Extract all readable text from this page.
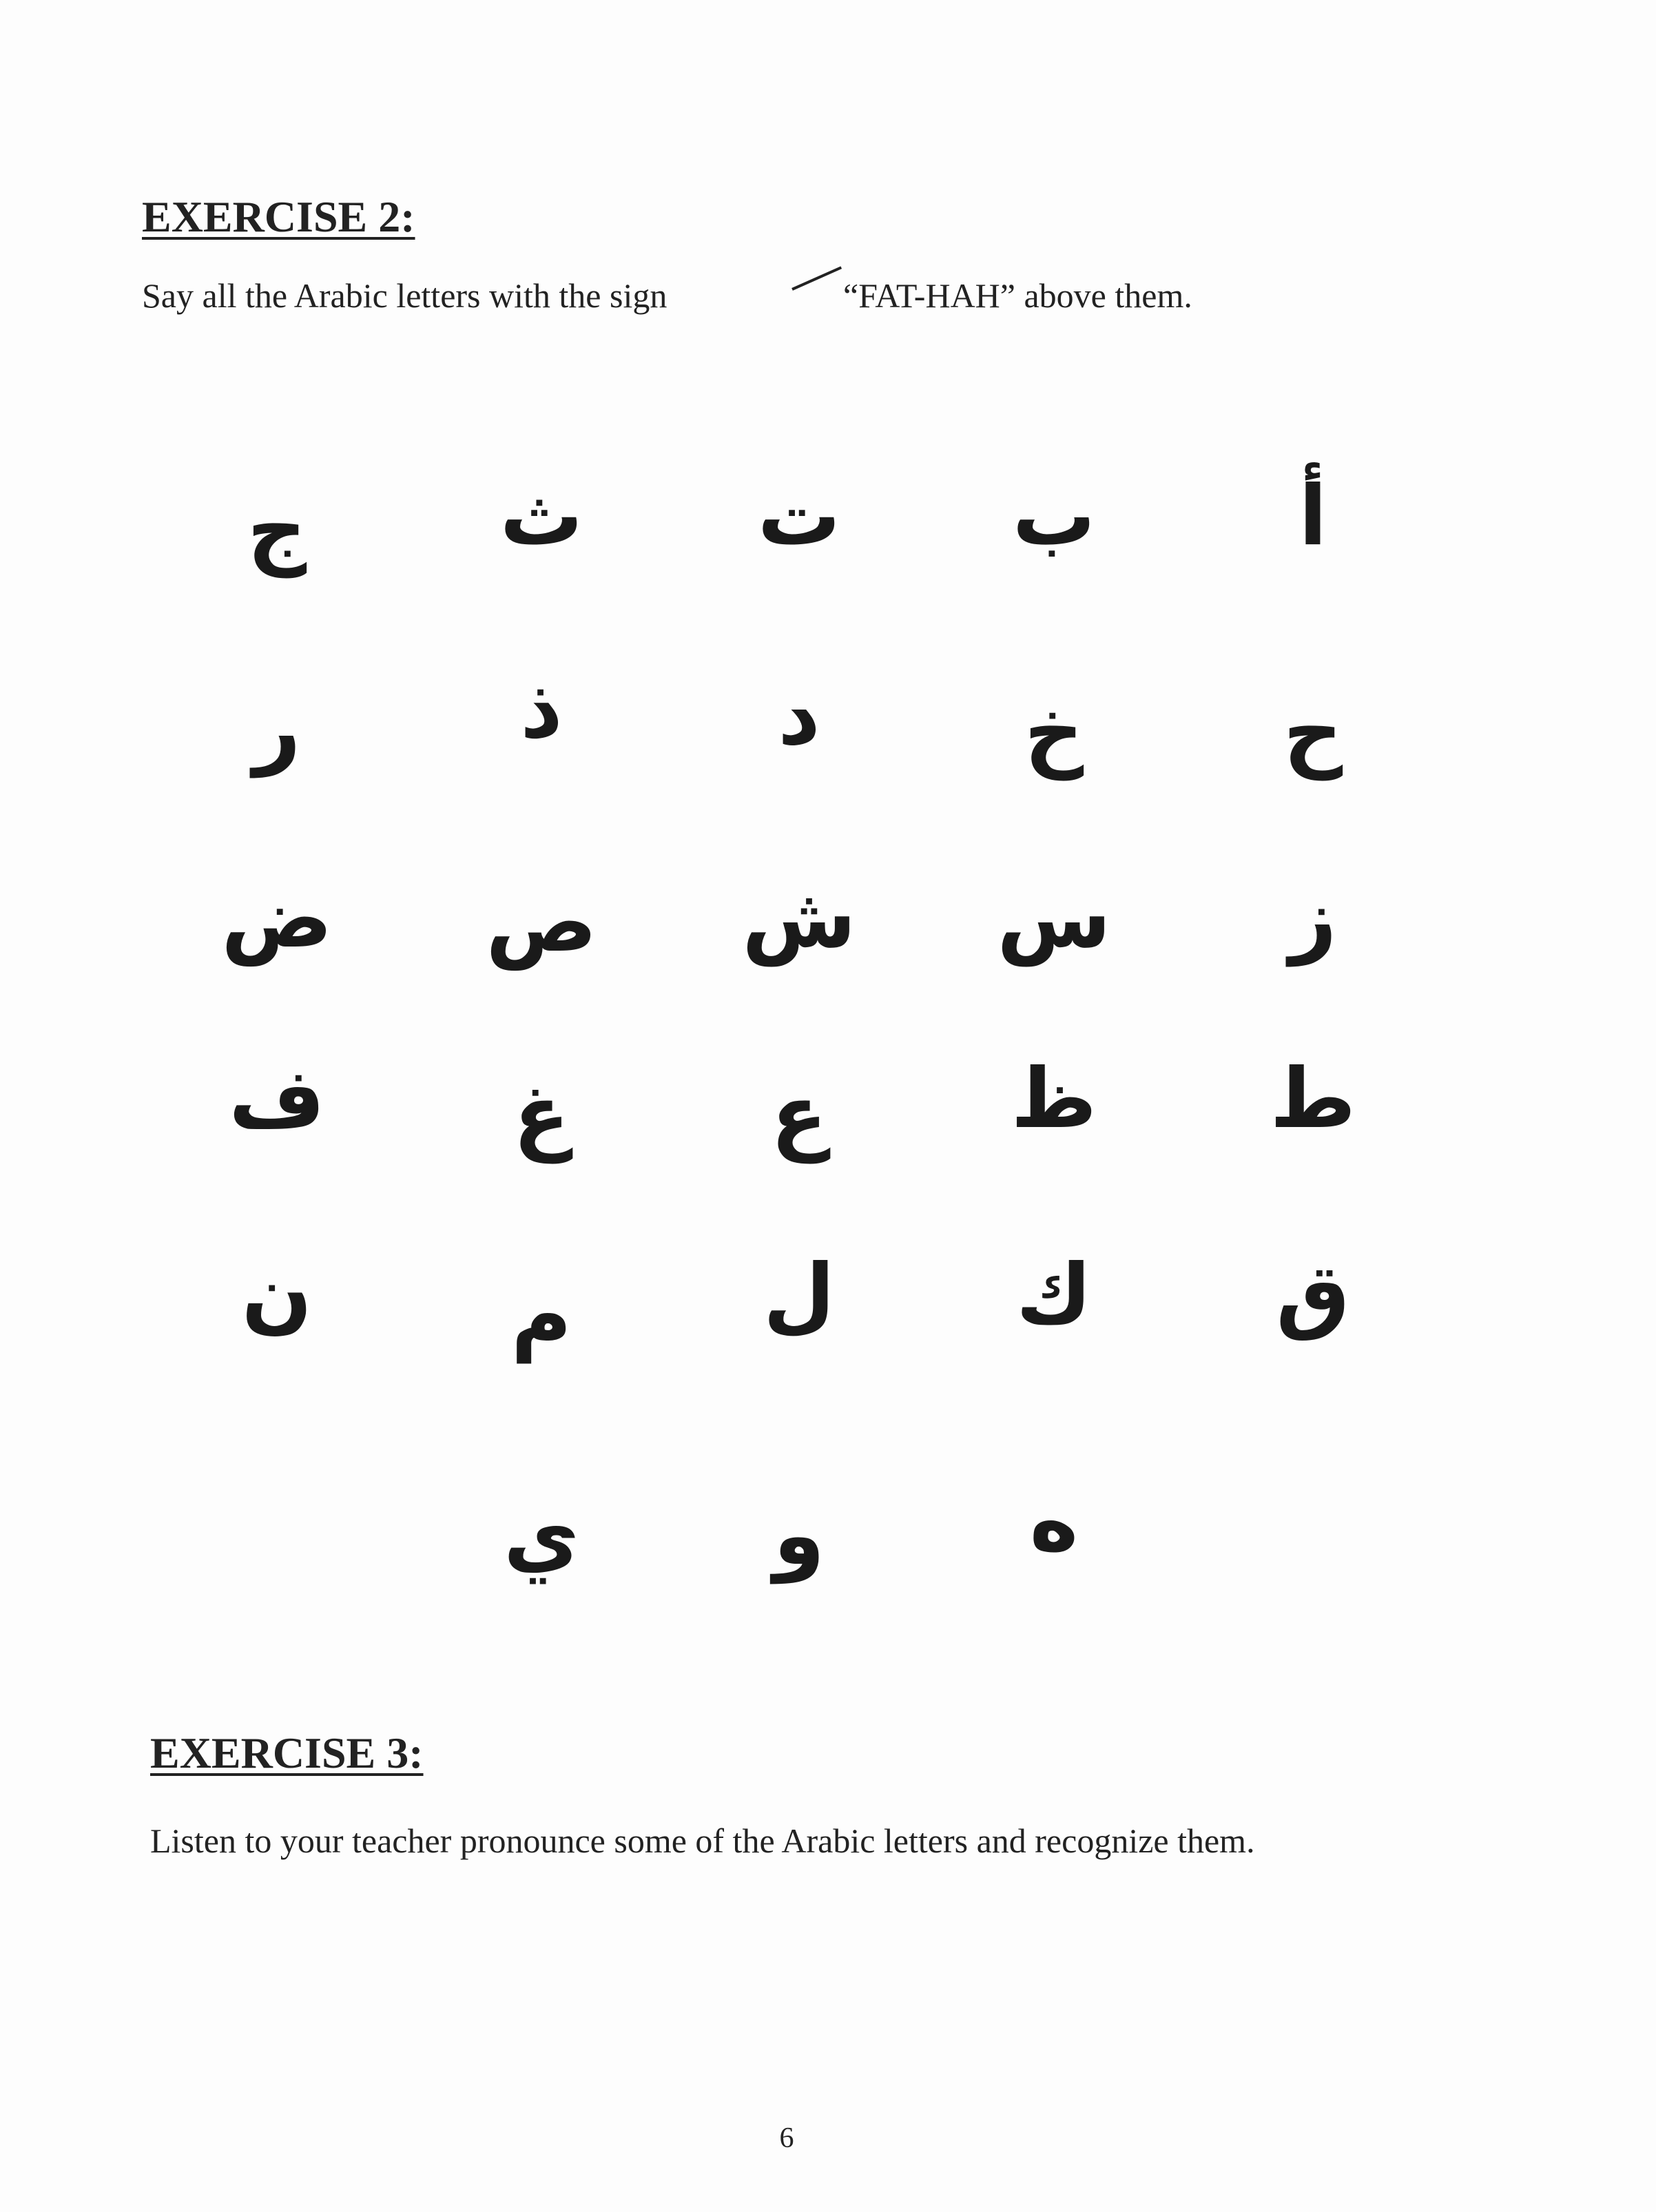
EXERCISE 2:

Say all the Arabic letters with the sign	“FAT-HAH” above them.

أ
ب
ت
ث
ج
ح
خ
د
ذ
ر
ز
س
ش
ص
ض
ط
ظ
ع
غ
ف
ق
ك
ل
م
ن
ه
و
ي
EXERCISE 3:

Listen to your teacher pronounce some of the Arabic letters and recognize them.

6
